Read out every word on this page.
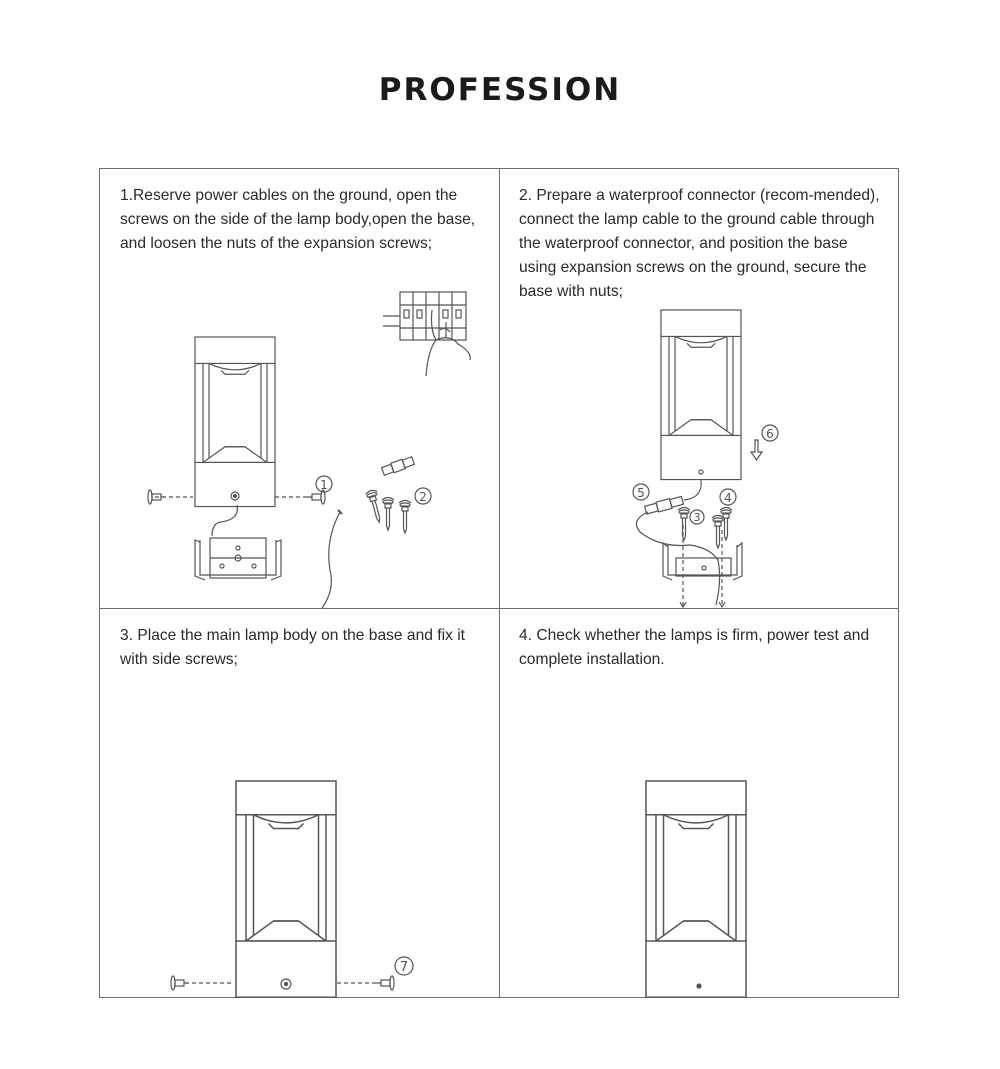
PROFESSION
1.Reserve power cables on the ground, open the screws on the side of the lamp body,open the base, and loosen the nuts of the expansion screws;
2. Prepare a waterproof connector (recom-mended), connect the lamp cable to the ground cable through the waterproof connector, and position the base using expansion screws on the ground, secure the base with nuts;
3. Place the main lamp body on the base and fix it with side screws;
4. Check whether the lamps is firm, power test and complete installation.
1
2
6
5	4
3
7
